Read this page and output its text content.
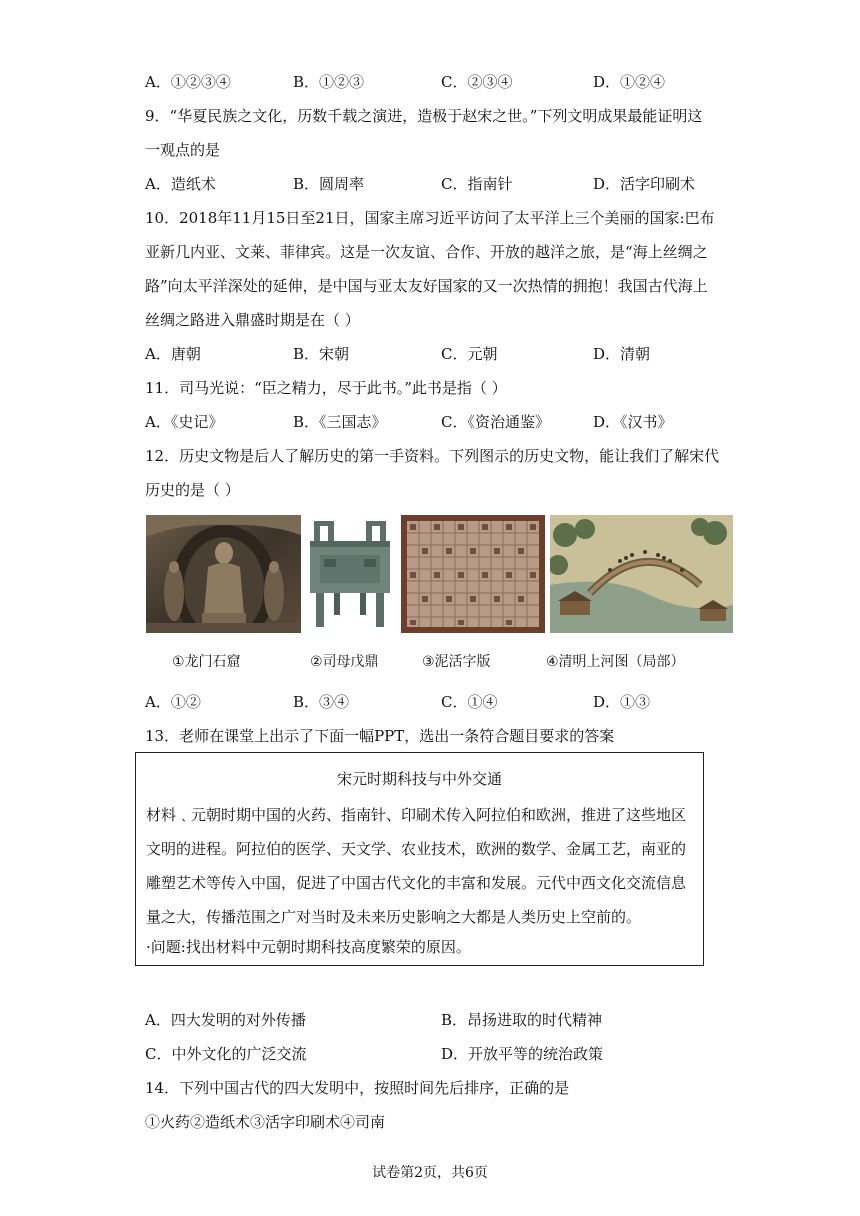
A．①②③④	B．①②③	C．②③④	D．①②④
9．“华夏民族之文化，历数千载之演进，造极于赵宋之世。”下列文明成果最能证明这
一观点的是
A．造纸术	B．圆周率	C．指南针	D．活字印刷术
10．2018年11月15日至21日，国家主席习近平访问了太平洋上三个美丽的国家:巴布
亚新几内亚、文莱、菲律宾。这是一次友谊、合作、开放的越洋之旅，是“海上丝绸之
路”向太平洋深处的延伸，是中国与亚太友好国家的又一次热情的拥抱！我国古代海上
丝绸之路进入鼎盛时期是在（ ）
A．唐朝	B．宋朝	C．元朝	D．清朝
11．司马光说：“臣之精力，尽于此书。”此书是指（ ）
A．《史记》	B．《三国志》	C．《资治通鉴》	D．《汉书》
12．历史文物是后人了解历史的第一手资料。下列图示的历史文物，能让我们了解宋代
历史的是（ ）
①龙门石窟	②司母戊鼎	③泥活字版	④清明上河图（局部）
A．①②	B．③④	C．①④	D．①③
13．老师在课堂上出示了下面一幅PPT，选出一条符合题目要求的答案
宋元时期科技与中外交通
材料﹑元朝时期中国的火药、指南针、印刷术传入阿拉伯和欧洲，推进了这些地区
文明的进程。阿拉伯的医学、天文学、农业技术，欧洲的数学、金属工艺，南亚的
雕塑艺术等传入中国，促进了中国古代文化的丰富和发展。元代中西文化交流信息
量之大，传播范围之广对当时及未来历史影响之大都是人类历史上空前的。
·问题:找出材料中元朝时期科技高度繁荣的原因。
A．四大发明的对外传播	B．昂扬进取的时代精神
C．中外文化的广泛交流	D．开放平等的统治政策
14．下列中国古代的四大发明中，按照时间先后排序，正确的是
①火药②造纸术③活字印刷术④司南
试卷第2页，共6页
